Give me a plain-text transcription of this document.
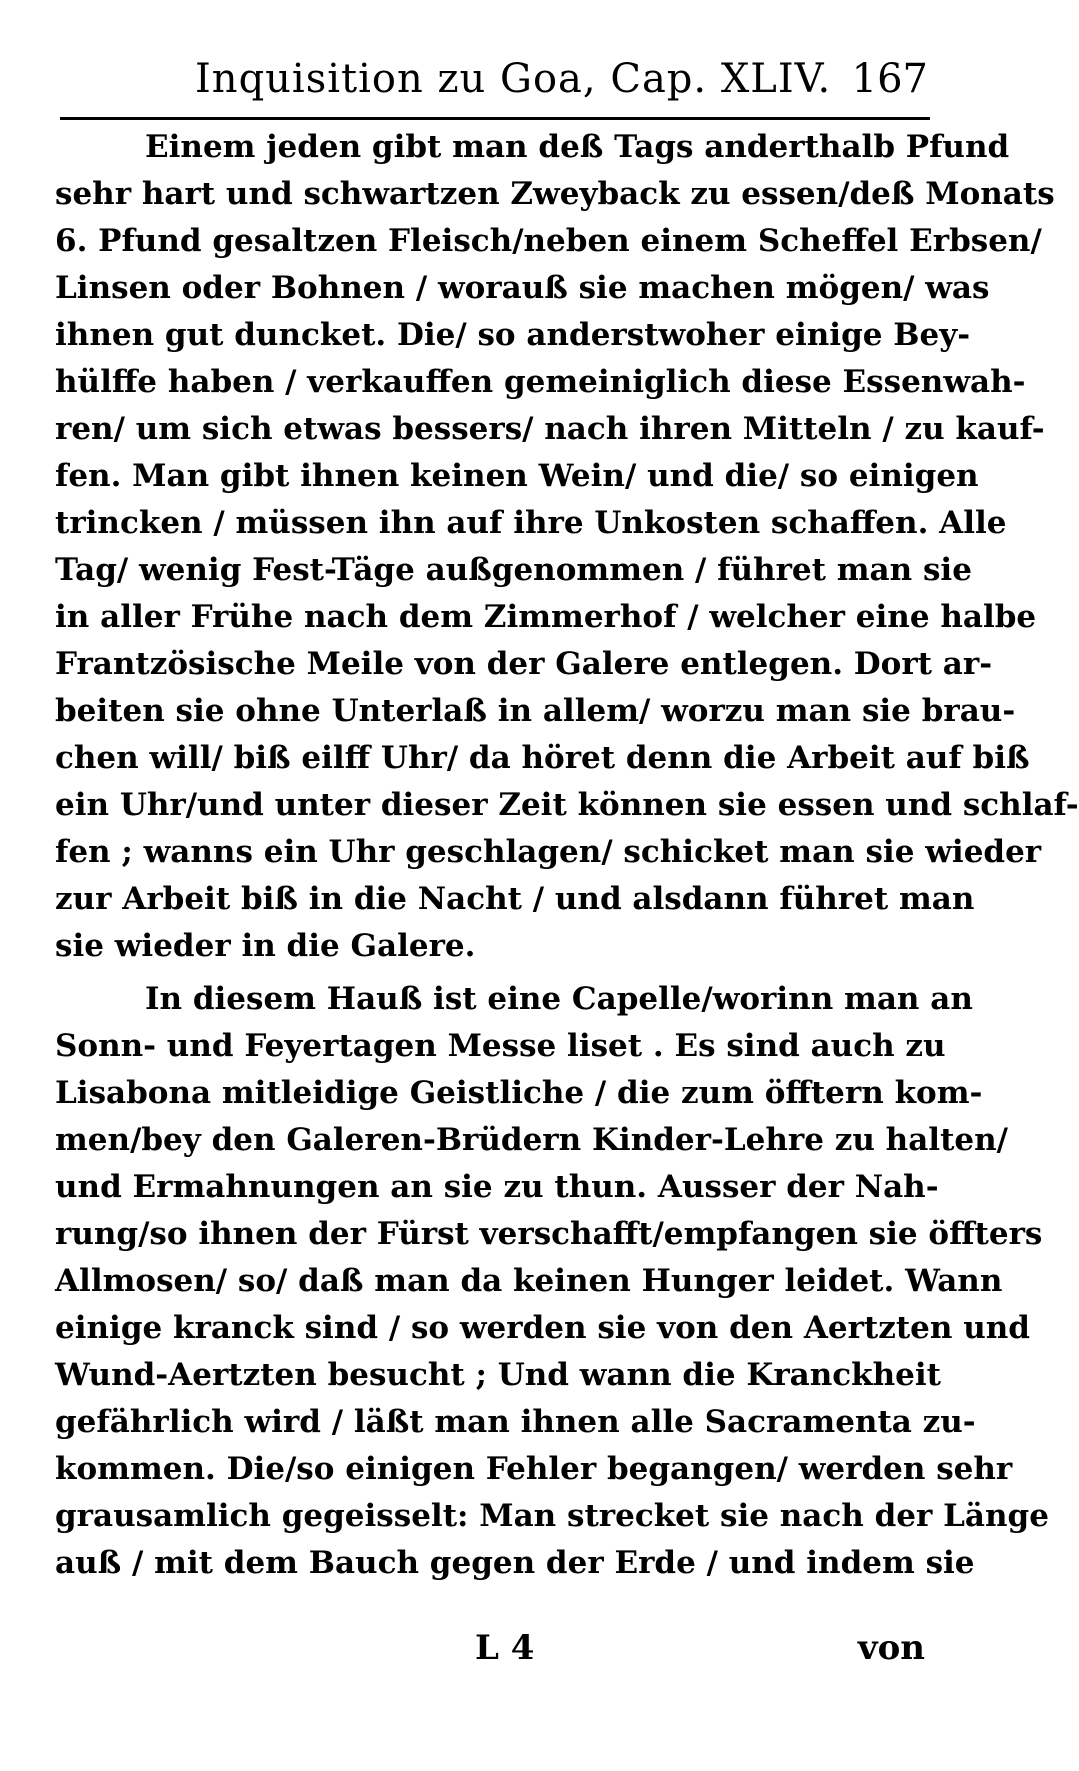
Inquisition zu Goa, Cap. XLIV. 167
Einem jeden gibt man deß Tags anderthalb Pfund
sehr hart und schwartzen Zweyback zu essen/deß Monats
6. Pfund gesaltzen Fleisch/neben einem Scheffel Erbsen/
Linsen oder Bohnen / worauß sie machen mögen/ was
ihnen gut duncket. Die/ so anderstwoher einige Bey-
hülffe haben / verkauffen gemeiniglich diese Essenwah-
ren/ um sich etwas bessers/ nach ihren Mitteln / zu kauf-
fen. Man gibt ihnen keinen Wein/ und die/ so einigen
trincken / müssen ihn auf ihre Unkosten schaffen. Alle
Tag/ wenig Fest-Täge außgenommen / führet man sie
in aller Frühe nach dem Zimmerhof / welcher eine halbe
Frantzösische Meile von der Galere entlegen. Dort ar-
beiten sie ohne Unterlaß in allem/ worzu man sie brau-
chen will/ biß eilff Uhr/ da höret denn die Arbeit auf biß
ein Uhr/und unter dieser Zeit können sie essen und schlaf-
fen ; wanns ein Uhr geschlagen/ schicket man sie wieder
zur Arbeit biß in die Nacht / und alsdann führet man
sie wieder in die Galere.
In diesem Hauß ist eine Capelle/worinn man an
Sonn- und Feyertagen Messe liset . Es sind auch zu
Lisabona mitleidige Geistliche / die zum öfftern kom-
men/bey den Galeren-Brüdern Kinder-Lehre zu halten/
und Ermahnungen an sie zu thun. Ausser der Nah-
rung/so ihnen der Fürst verschafft/empfangen sie öffters
Allmosen/ so/ daß man da keinen Hunger leidet. Wann
einige kranck sind / so werden sie von den Aertzten und
Wund-Aertzten besucht ; Und wann die Kranckheit
gefährlich wird / läßt man ihnen alle Sacramenta zu-
kommen. Die/so einigen Fehler begangen/ werden sehr
grausamlich gegeisselt: Man strecket sie nach der Länge
auß / mit dem Bauch gegen der Erde / und indem sie
L 4	von
